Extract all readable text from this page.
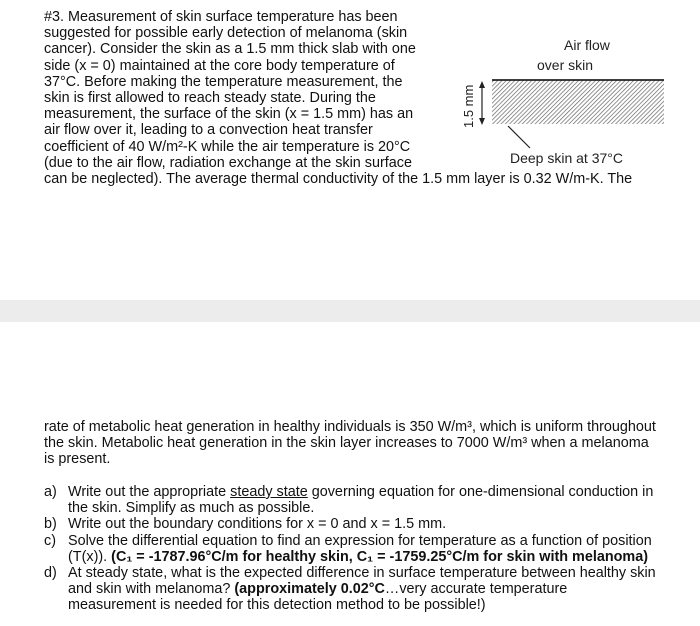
#3. Measurement of skin surface temperature has been
suggested for possible early detection of melanoma (skin
cancer). Consider the skin as a 1.5 mm thick slab with one
side (x = 0) maintained at the core body temperature of
37°C. Before making the temperature measurement, the
skin is first allowed to reach steady state. During the
measurement, the surface of the skin (x = 1.5 mm) has an
air flow over it, leading to a convection heat transfer
coefficient of 40 W/m²-K while the air temperature is 20°C
(due to the air flow, radiation exchange at the skin surface
can be neglected). The average thermal conductivity of the 1.5 mm layer is 0.32 W/m-K. The
Air flow
over skin
1.5 mm
Deep skin at 37°C
rate of metabolic heat generation in healthy individuals is 350 W/m³, which is uniform throughout
the skin. Metabolic heat generation in the skin layer increases to 7000 W/m³ when a melanoma
is present.
a) Write out the appropriate steady state governing equation for one-dimensional conduction in
the skin. Simplify as much as possible.
b) Write out the boundary conditions for x = 0 and x = 1.5 mm.
c) Solve the differential equation to find an expression for temperature as a function of position
(T(x)). (C₁ = -1787.96°C/m for healthy skin, C₁ = -1759.25°C/m for skin with melanoma)
d) At steady state, what is the expected difference in surface temperature between healthy skin
and skin with melanoma? (approximately 0.02°C…very accurate temperature
measurement is needed for this detection method to be possible!)
